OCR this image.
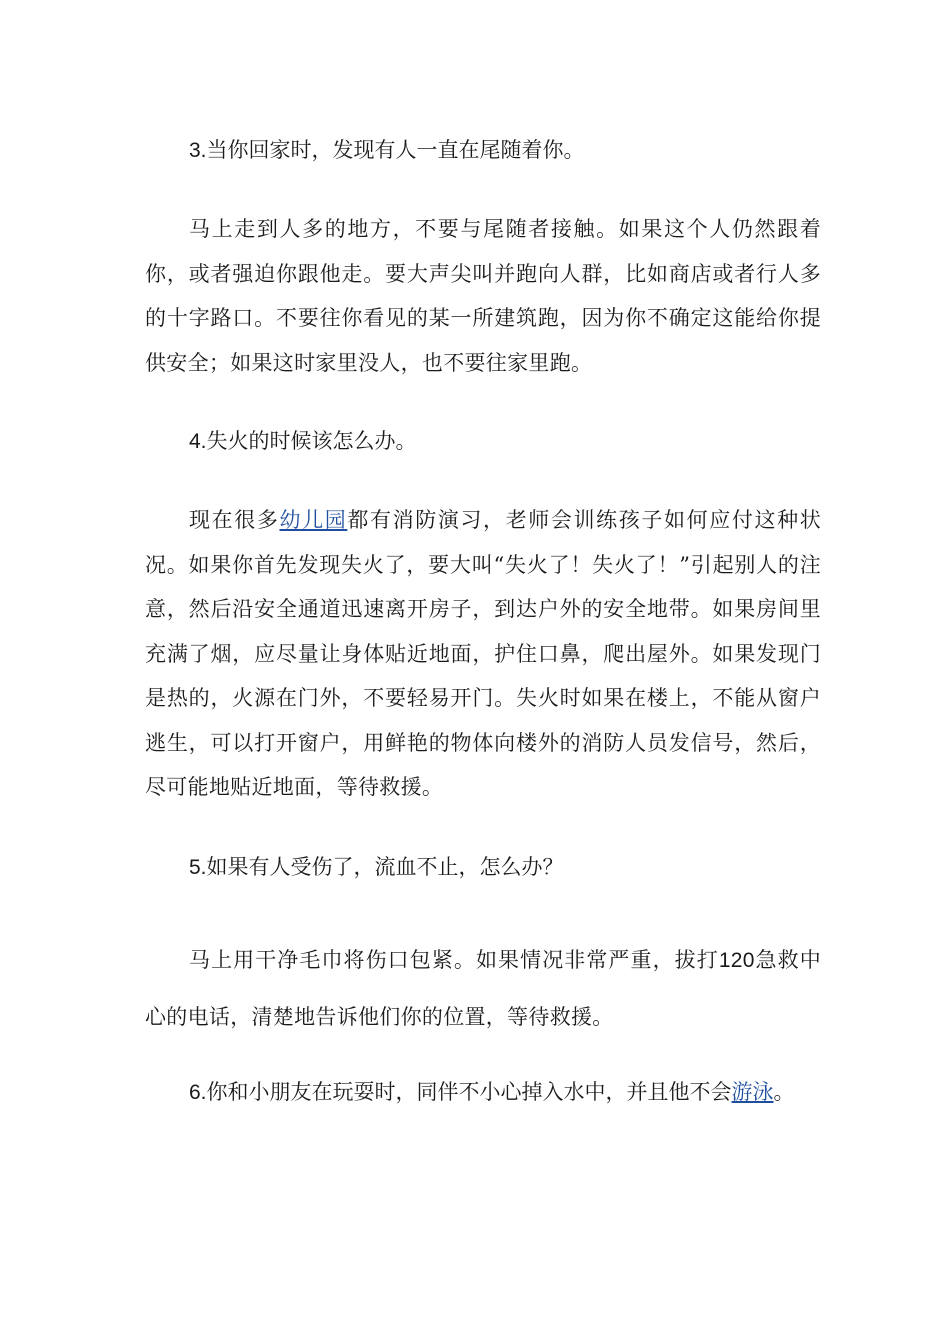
3.当你回家时，发现有人一直在尾随着你。
马上走到人多的地方，不要与尾随者接触。如果这个人仍然跟着你，或者强迫你跟他走。要大声尖叫并跑向人群，比如商店或者行人多的十字路口。不要往你看见的某一所建筑跑，因为你不确定这能给你提供安全；如果这时家里没人，也不要往家里跑。
4.失火的时候该怎么办。
现在很多幼儿园都有消防演习，老师会训练孩子如何应付这种状况。如果你首先发现失火了，要大叫“失火了！失火了！”引起别人的注意，然后沿安全通道迅速离开房子，到达户外的安全地带。如果房间里充满了烟，应尽量让身体贴近地面，护住口鼻，爬出屋外。如果发现门是热的，火源在门外，不要轻易开门。失火时如果在楼上，不能从窗户逃生，可以打开窗户，用鲜艳的物体向楼外的消防人员发信号，然后，尽可能地贴近地面，等待救援。
5.如果有人受伤了，流血不止，怎么办？
马上用干净毛巾将伤口包紧。如果情况非常严重，拔打120急救中心的电话，清楚地告诉他们你的位置，等待救援。
6.你和小朋友在玩耍时，同伴不小心掉入水中，并且他不会游泳。
